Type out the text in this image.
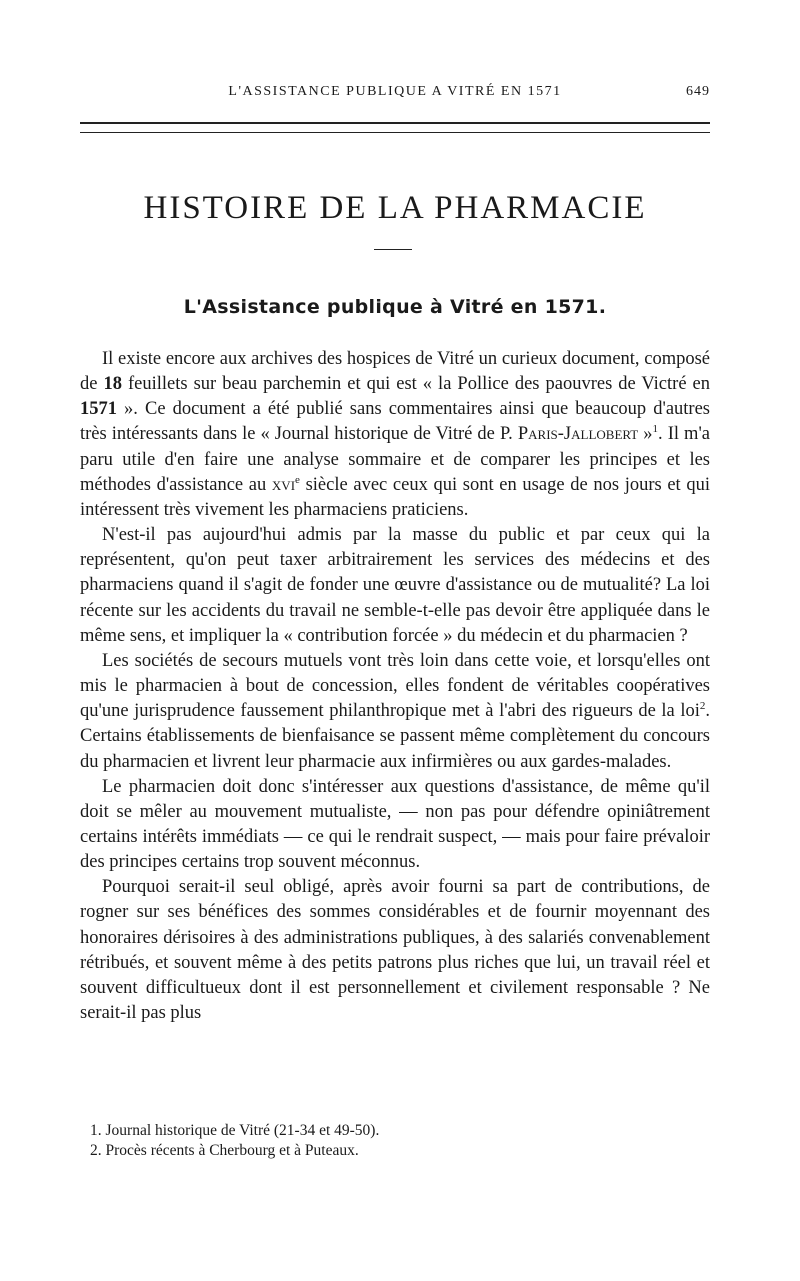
L'ASSISTANCE PUBLIQUE A VITRÉ EN 1571	649
HISTOIRE DE LA PHARMACIE
L'Assistance publique à Vitré en 1571.

Il existe encore aux archives des hospices de Vitré un curieux document, composé de 18 feuillets sur beau parchemin et qui est « la Pollice des paouvres de Victré en 1571 ». Ce document a été publié sans commentaires ainsi que beaucoup d'autres très intéressants dans le « Journal historique de Vitré de P. Paris-Jallobert »$^1$. Il m'a paru utile d'en faire une analyse sommaire et de comparer les principes et les méthodes d'assistance au xvi$^e$ siècle avec ceux qui sont en usage de nos jours et qui intéressent très vivement les pharmaciens praticiens.

N'est-il pas aujourd'hui admis par la masse du public et par ceux qui la représentent, qu'on peut taxer arbitrairement les services des médecins et des pharmaciens quand il s'agit de fonder une œuvre d'assistance ou de mutualité? La loi récente sur les accidents du travail ne semble-t-elle pas devoir être appliquée dans le même sens, et impliquer la « contribution forcée » du médecin et du pharmacien ?

Les sociétés de secours mutuels vont très loin dans cette voie, et lorsqu'elles ont mis le pharmacien à bout de concession, elles fondent de véritables coopératives qu'une jurisprudence faussement philanthropique met à l'abri des rigueurs de la loi$^2$. Certains établissements de bienfaisance se passent même complètement du concours du pharmacien et livrent leur pharmacie aux infirmières ou aux gardes-malades.

Le pharmacien doit donc s'intéresser aux questions d'assistance, de même qu'il doit se mêler au mouvement mutualiste, — non pas pour défendre opiniâtrement certains intérêts immédiats — ce qui le rendrait suspect, — mais pour faire prévaloir des principes certains trop souvent méconnus.

Pourquoi serait-il seul obligé, après avoir fourni sa part de contributions, de rogner sur ses bénéfices des sommes considérables et de fournir moyennant des honoraires dérisoires à des administrations publiques, à des salariés convenablement rétribués, et souvent même à des petits patrons plus riches que lui, un travail réel et souvent difficultueux dont il est personnellement et civilement responsable ? Ne serait-il pas plus

1. Journal historique de Vitré (21-34 et 49-50).
2. Procès récents à Cherbourg et à Puteaux.
